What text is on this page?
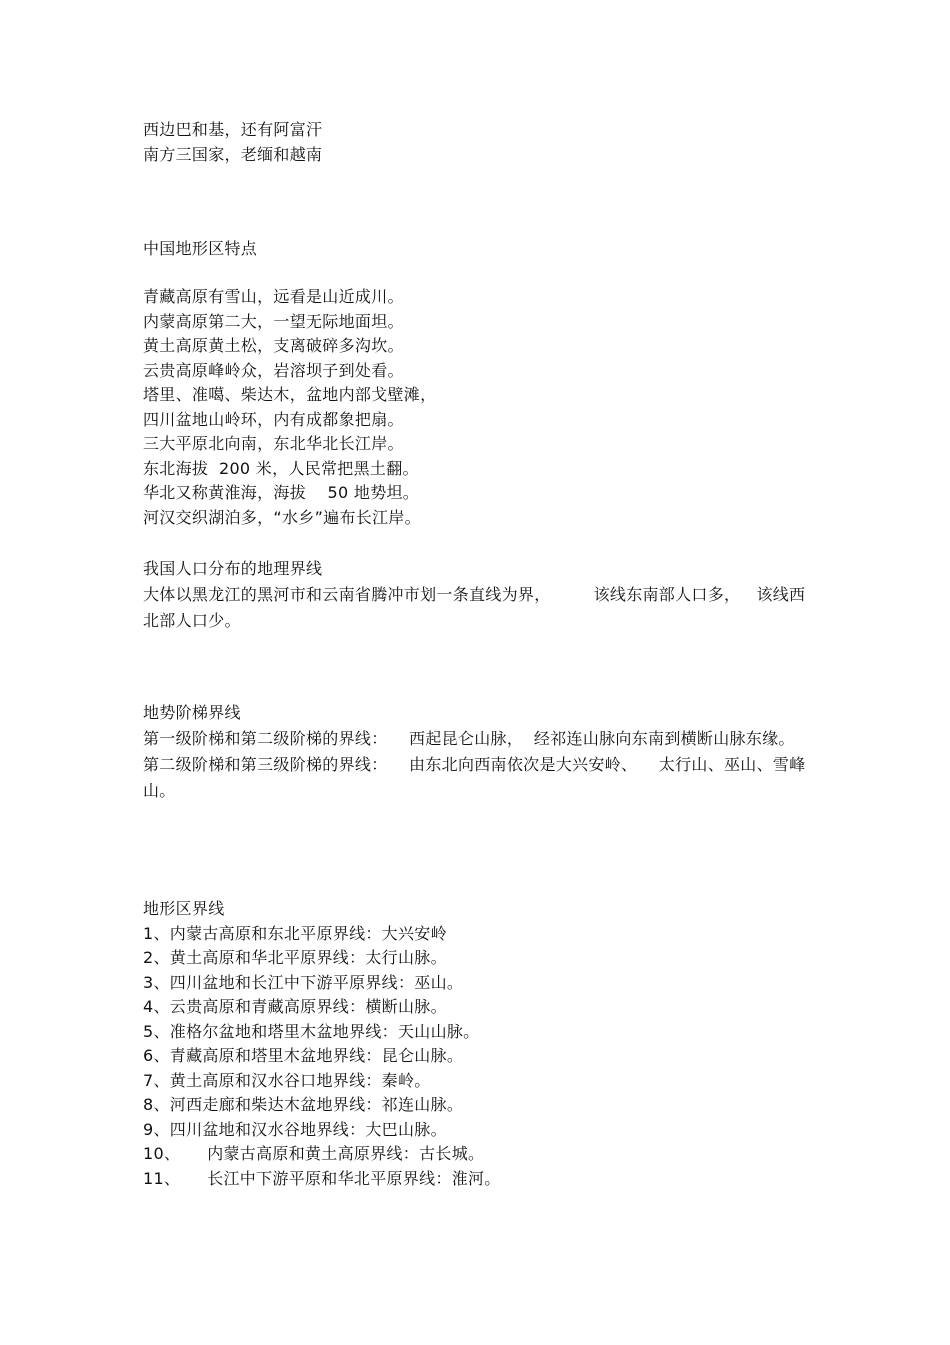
西边巴和基，还有阿富汗
南方三国家，老缅和越南
中国地形区特点
青藏高原有雪山，远看是山近成川。
内蒙高原第二大，一望无际地面坦。
黄土高原黄土松，支离破碎多沟坎。
云贵高原峰岭众，岩溶坝子到处看。
塔里、准噶、柴达木，盆地内部戈壁滩，
四川盆地山岭环，内有成都象把扇。
三大平原北向南，东北华北长江岸。
东北海拔  200 米，人民常把黑土翻。
华北又称黄淮海，海拔    50 地势坦。
河汉交织湖泊多，“水乡”遍布长江岸。
我国人口分布的地理界线
大体以黑龙江的黑河市和云南省腾冲市划一条直线为界，        该线东南部人口多，   该线西北部人口少。
地势阶梯界线
第一级阶梯和第二级阶梯的界线：    西起昆仑山脉，  经祁连山脉向东南到横断山脉东缘。
第二级阶梯和第三级阶梯的界线：    由东北向西南依次是大兴安岭、    太行山、巫山、雪峰山。
地形区界线
1、内蒙古高原和东北平原界线：大兴安岭
2、黄土高原和华北平原界线：太行山脉。
3、四川盆地和长江中下游平原界线：巫山。
4、云贵高原和青藏高原界线：横断山脉。
5、准格尔盆地和塔里木盆地界线：天山山脉。
6、青藏高原和塔里木盆地界线：昆仑山脉。
7、黄土高原和汉水谷口地界线：秦岭。
8、河西走廊和柴达木盆地界线：祁连山脉。
9、四川盆地和汉水谷地界线：大巴山脉。
10、     内蒙古高原和黄土高原界线：古长城。
11、     长江中下游平原和华北平原界线：淮河。
